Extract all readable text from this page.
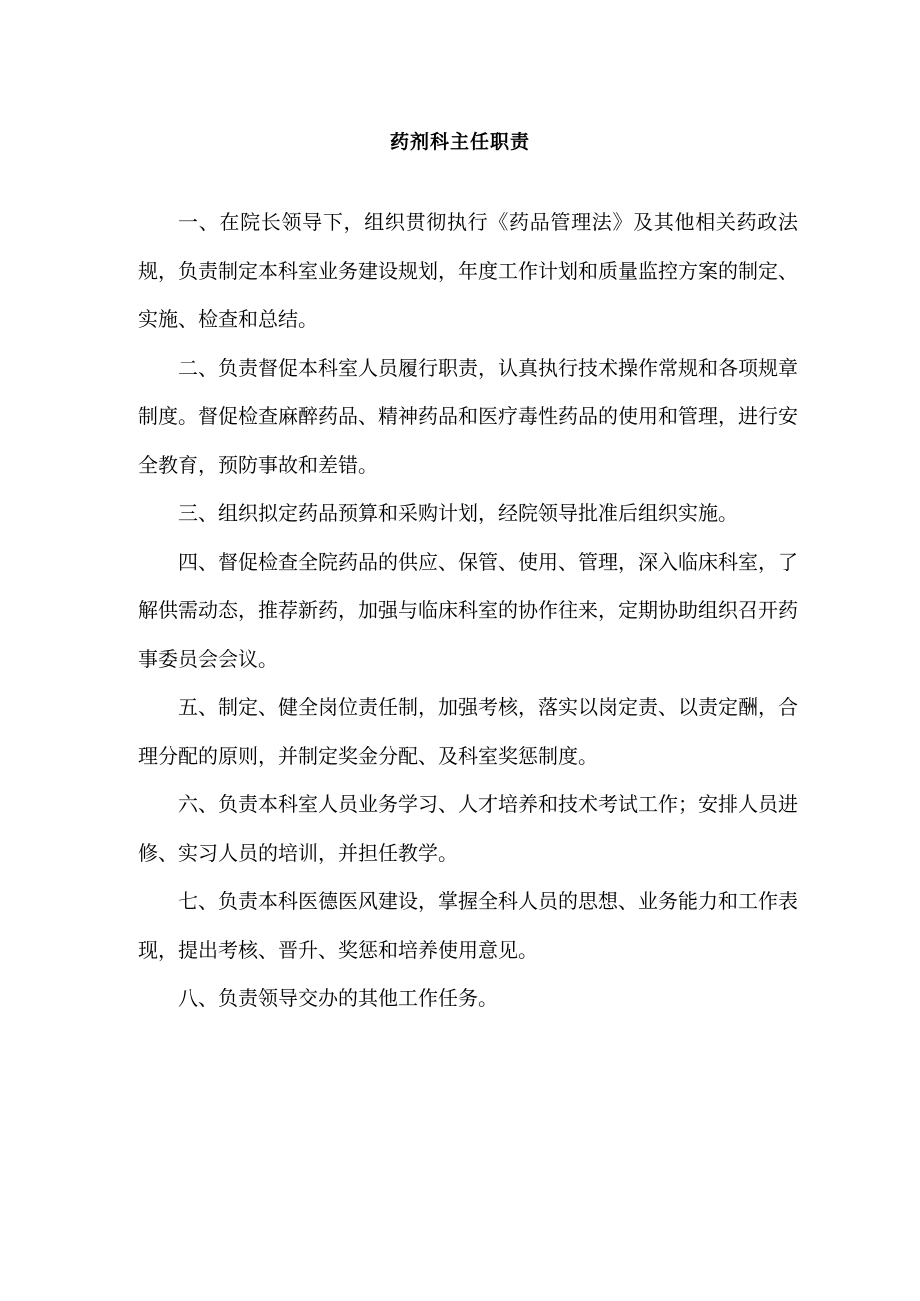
药剂科主任职责

一、在院长领导下，组织贯彻执行《药品管理法》及其他相关药政法规，负责制定本科室业务建设规划，年度工作计划和质量监控方案的制定、实施、检查和总结。

二、负责督促本科室人员履行职责，认真执行技术操作常规和各项规章制度。督促检查麻醉药品、精神药品和医疗毒性药品的使用和管理，进行安全教育，预防事故和差错。

三、组织拟定药品预算和采购计划，经院领导批准后组织实施。

四、督促检查全院药品的供应、保管、使用、管理，深入临床科室，了解供需动态，推荐新药，加强与临床科室的协作往来，定期协助组织召开药事委员会会议。

五、制定、健全岗位责任制，加强考核，落实以岗定责、以责定酬，合理分配的原则，并制定奖金分配、及科室奖惩制度。

六、负责本科室人员业务学习、人才培养和技术考试工作；安排人员进修、实习人员的培训，并担任教学。

七、负责本科医德医风建设，掌握全科人员的思想、业务能力和工作表现，提出考核、晋升、奖惩和培养使用意见。

八、负责领导交办的其他工作任务。
